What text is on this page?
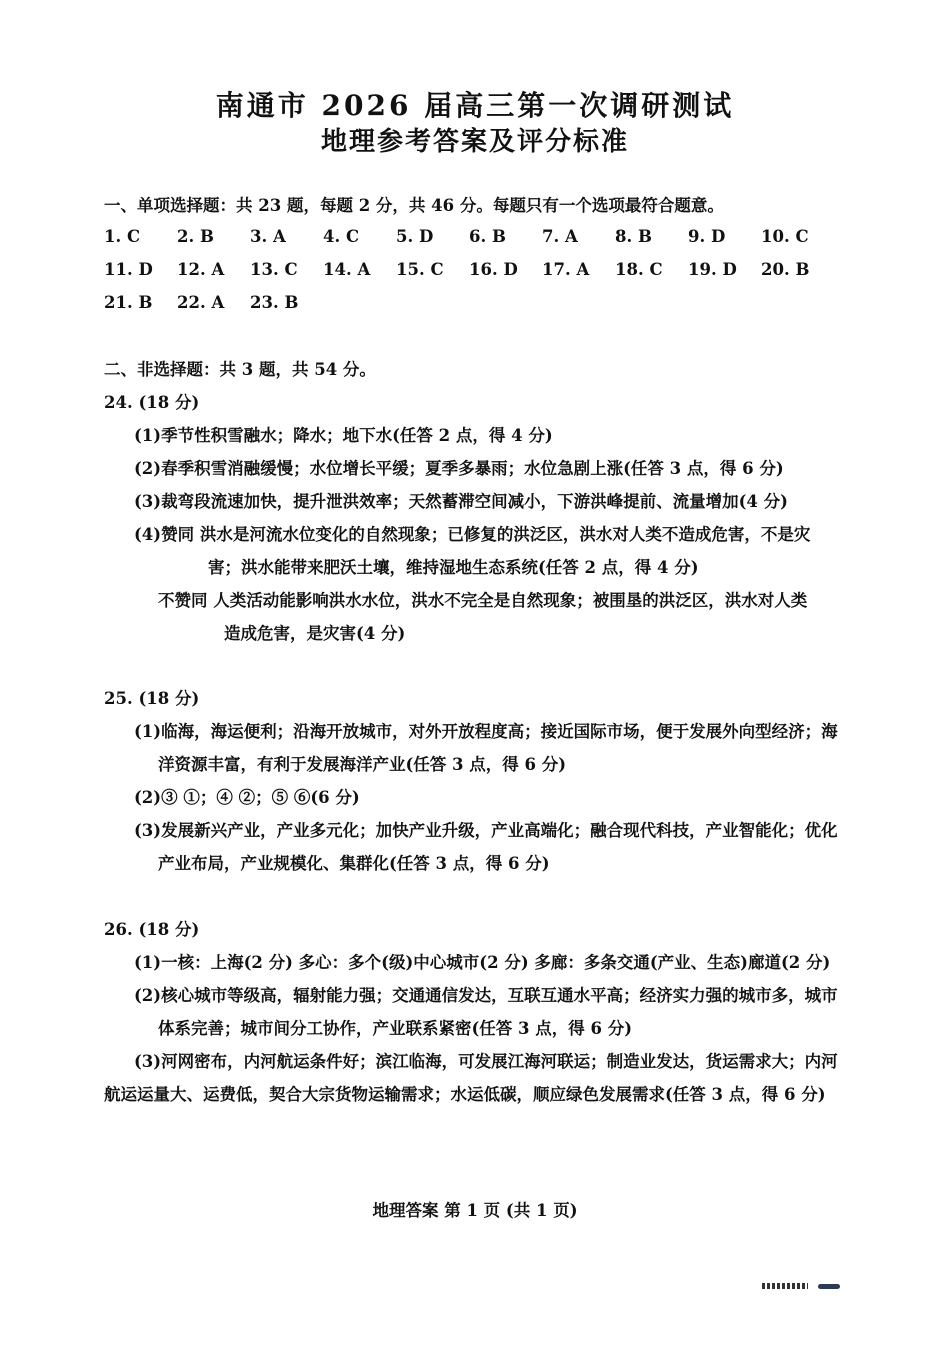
南通市 2026 届高三第一次调研测试
地理参考答案及评分标准
一、单项选择题：共 23 题，每题 2 分，共 46 分。每题只有一个选项最符合题意。
1. C 2. B 3. A 4. C 5. D 6. B 7. A 8. B 9. D 10. C
11. D 12. A 13. C 14. A 15. C 16. D 17. A 18. C 19. D 20. B
21. B 22. A 23. B
二、非选择题：共 3 题，共 54 分。
24. (18 分)
(1)季节性积雪融水；降水；地下水(任答 2 点，得 4 分)
(2)春季积雪消融缓慢；水位增长平缓；夏季多暴雨；水位急剧上涨(任答 3 点，得 6 分)
(3)裁弯段流速加快，提升泄洪效率；天然蓄滞空间减小，下游洪峰提前、流量增加(4 分)
(4)赞同 洪水是河流水位变化的自然现象；已修复的洪泛区，洪水对人类不造成危害，不是灾
害；洪水能带来肥沃土壤，维持湿地生态系统(任答 2 点，得 4 分)
不赞同 人类活动能影响洪水水位，洪水不完全是自然现象；被围垦的洪泛区，洪水对人类
造成危害，是灾害(4 分)
25. (18 分)
(1)临海，海运便利；沿海开放城市，对外开放程度高；接近国际市场，便于发展外向型经济；海
洋资源丰富，有利于发展海洋产业(任答 3 点，得 6 分)
(2)③ ①；④ ②；⑤ ⑥(6 分)
(3)发展新兴产业，产业多元化；加快产业升级，产业高端化；融合现代科技，产业智能化；优化
产业布局，产业规模化、集群化(任答 3 点，得 6 分)
26. (18 分)
(1)一核：上海(2 分) 多心：多个(级)中心城市(2 分) 多廊：多条交通(产业、生态)廊道(2 分)
(2)核心城市等级高，辐射能力强；交通通信发达，互联互通水平高；经济实力强的城市多，城市
体系完善；城市间分工协作，产业联系紧密(任答 3 点，得 6 分)
(3)河网密布，内河航运条件好；滨江临海，可发展江海河联运；制造业发达，货运需求大；内河
航运运量大、运费低，契合大宗货物运输需求；水运低碳，顺应绿色发展需求(任答 3 点，得 6 分)
地理答案 第 1 页 (共 1 页)
